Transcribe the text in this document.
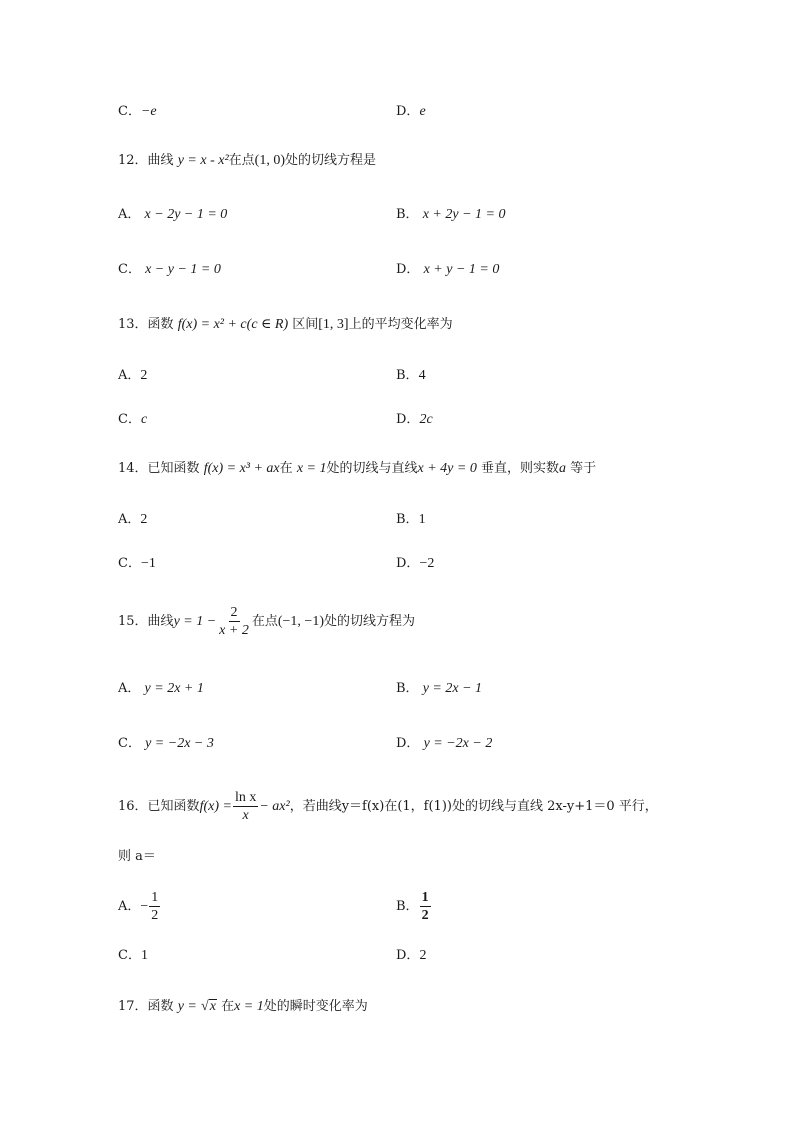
C．−e	D．e
12．曲线 y = x - x²在点(1, 0)处的切线方程是
A． x − 2y − 1 = 0	B． x + 2y − 1 = 0
C． x − y − 1 = 0	D． x + y − 1 = 0
13．函数 f(x) = x² + c(c ∈ R) 区间[1, 3]上的平均变化率为
A．2	B．4
C．c	D．2c
14．已知函数 f(x) = x³ + ax在 x = 1处的切线与直线x + 4y = 0 垂直，则实数a 等于
A．2	B．1
C．−1	D．−2
15． 曲线 $y = 1 - \frac{2}{x + 2}$ 在点 (−1, −1) 处的切线方程为
A． y = 2x + 1	B． y = 2x − 1
C． y = −2x − 3	D． y = −2x − 2
16． 已知函数 $f(x) = \frac{\text{ln x}}{x} - ax^2$ ，若曲线y＝f(x)在(1，f(1))处的切线与直线 2x-y+1＝0 平行，
则 a＝
A． − $\frac{1}{2}$	B． $\frac{1}{2}$
C．1	D．2
17．函数 y = √x 在x = 1处的瞬时变化率为
